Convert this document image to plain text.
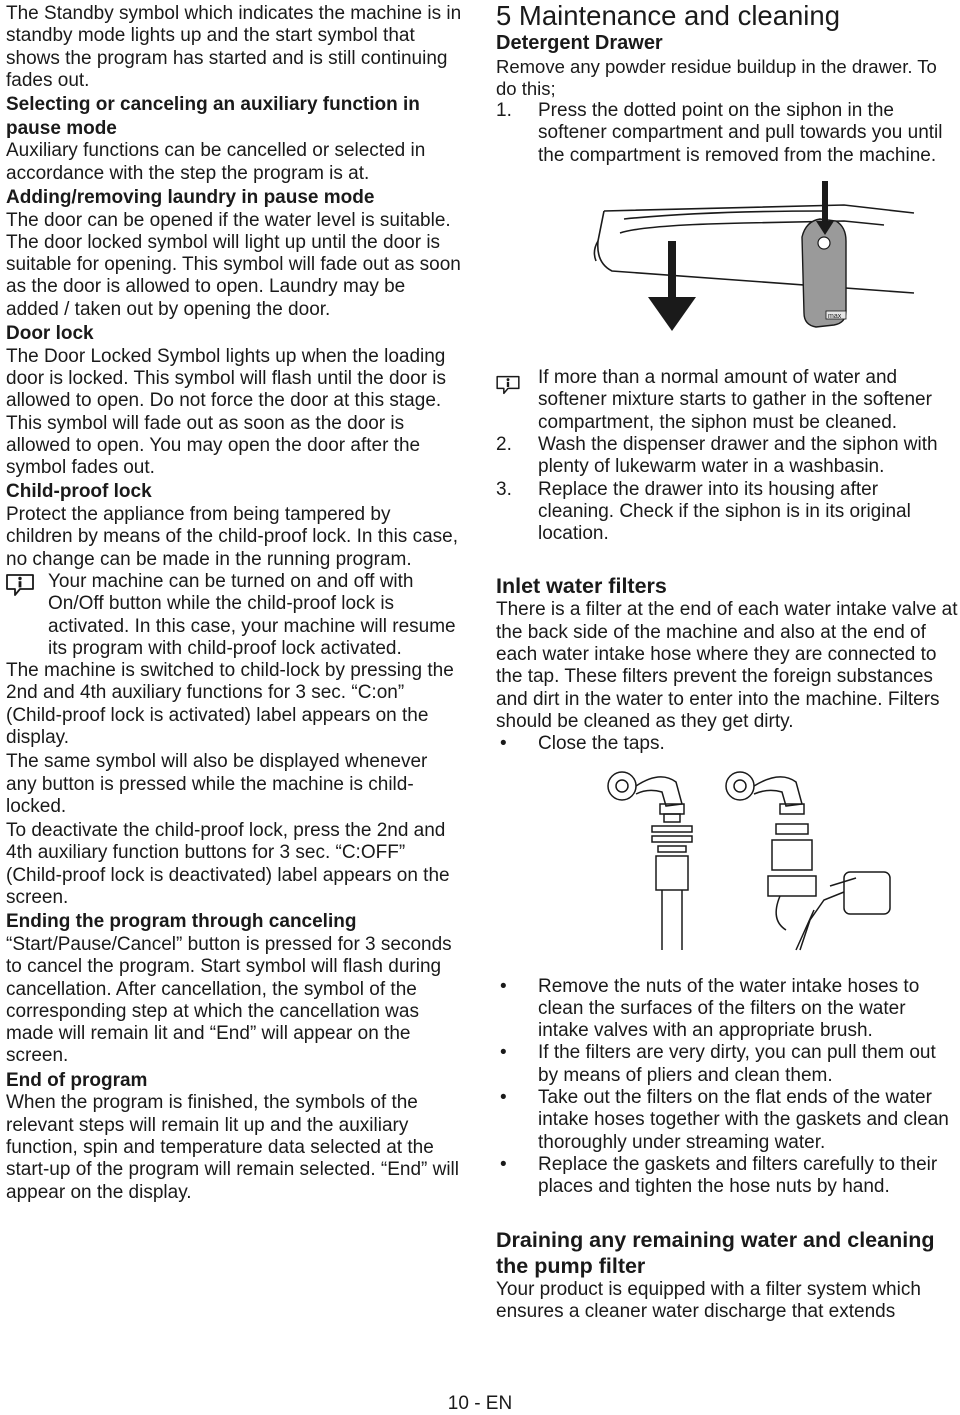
The Standby symbol which indicates the machine is in standby mode lights up and the start symbol that shows the program has started and is still continuing fades out.

Selecting or canceling an auxiliary function in pause mode

Auxiliary functions can be cancelled or selected in accordance with the step the program is at.

Adding/removing laundry in pause mode

The door can be opened if the water level is suitable. The door locked symbol will light up until the door is suitable for opening. This symbol will fade out as soon as the door is allowed to open. Laundry may be added / taken out by opening the door.

Door lock

The Door Locked Symbol lights up when the loading door is locked. This symbol will flash until the door is allowed to open. Do not force the door at this stage. This symbol will fade out as soon as the door is allowed to open. You may open the door after the symbol fades out.

Child-proof lock

Protect the appliance from being tampered by children by means of the child-proof lock. In this case, no change can be made in the running program.

Your machine can be turned on and off with On/Off button while the child-proof lock is activated. In this case, your machine will resume its program with child-proof lock activated.

The machine is switched to child-lock by pressing the 2nd and 4th auxiliary functions for 3 sec. “C:on” (Child-proof lock is activated) label appears on the display.

The same symbol will also be displayed whenever any button is pressed while the machine is child-locked.

To deactivate the child-proof lock, press the 2nd and 4th auxiliary function buttons for 3 sec. “C:OFF” (Child-proof lock is deactivated) label appears on the screen.

Ending the program through canceling

“Start/Pause/Cancel” button is pressed for 3 seconds to cancel the program. Start symbol will flash during cancellation. After cancellation, the symbol of the corresponding step at which the cancellation was made will remain lit and “End” will appear on the screen.

End of program

When the program is finished, the symbols of the relevant steps will remain lit up and the auxiliary function, spin and temperature data selected at the start-up of the program will remain selected. “End” will appear on the display.

5 Maintenance and cleaning
Detergent Drawer

Remove any powder residue buildup in the drawer. To do this;

1.	Press the dotted point on the siphon in the softener compartment and pull towards you until the compartment is removed from the machine.

max

If more than a normal amount of water and softener mixture starts to gather in the softener compartment, the siphon must be cleaned.

2.	Wash the dispenser drawer and the siphon with plenty of lukewarm water in a washbasin.

3.	Replace the drawer into its housing after cleaning. Check if the siphon is in its original location.

Inlet water filters

There is a filter at the end of each water intake valve at the back side of the machine and also at the end of each water intake hose where they are connected to the tap. These filters prevent the foreign substances and dirt in the water to enter into the machine. Filters should be cleaned as they get dirty.

•	Close the taps.

•	Remove the nuts of the water intake hoses to clean the surfaces of the filters on the water intake valves with an appropriate brush.

•	If the filters are very dirty, you can pull them out by means of pliers and clean them.

•	Take out the filters on the flat ends of the water intake hoses together with the gaskets and clean thoroughly under streaming water.

•	Replace the gaskets and filters carefully to their places and tighten the hose nuts by hand.

Draining any remaining water and cleaning the pump filter

Your product is equipped with a filter system which ensures a cleaner water discharge that extends

10 - EN
